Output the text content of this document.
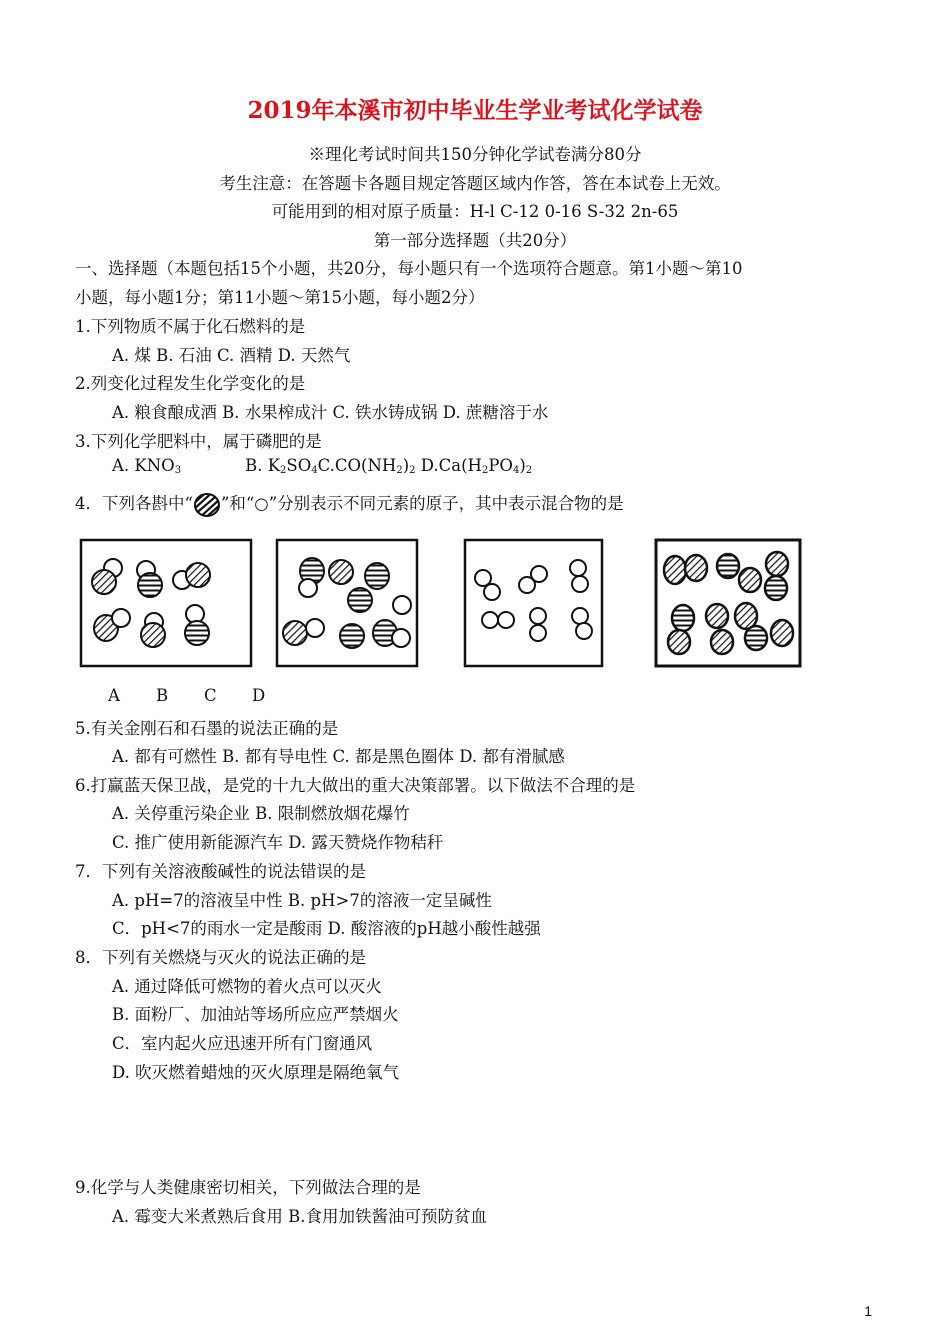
2019年本溪市初中毕业生学业考试化学试卷
※理化考试时间共150分钟化学试卷满分80分
考生注意：在答题卡各题目规定答题区域内作答，答在本试卷上无效。
可能用到的相对原子质量：H-l C-12 0-16 S-32 2n-65
第一部分选择题（共20分）
一、选择题（本题包括15个小题，共20分，每小题只有一个选项符合题意。第1小题～第10
小题，每小题1分；第11小题～第15小题，每小题2分）
1.下列物质不属于化石燃料的是
A. 煤 B. 石油 C. 酒精 D. 天然气
2.列变化过程发生化学变化的是
A. 粮食酿成酒 B. 水果榨成汁 C. 铁水铸成锅 D. 蔗糖溶于水
3.下列化学肥料中，属于磷肥的是
A. $KNO_3$	B. $K_2SO_4C.CO(NH_2)_2$ $D.Ca(H_2PO_4)_2$
4．下列各斟中“ ”和“○”分别表示不同元素的原子，其中表示混合物的是
A B C D
5.有关金刚石和石墨的说法正确的是
A. 都有可燃性 B. 都有导电性 C. 都是黑色圈体 D. 都有滑腻感
6.打赢蓝天保卫战，是党的十九大做出的重大决策部署。以下做法不合理的是
A. 关停重污染企业 B. 限制燃放烟花爆竹
C. 推广使用新能源汽车 D. 露天赞烧作物秸秆
7．下列有关溶液酸碱性的说法错误的是
A. pH=7的溶液呈中性 B. pH>7的溶液一定呈碱性
C．pH<7的雨水一定是酸雨 D. 酸溶液的pH越小酸性越强
8．下列有关燃烧与灭火的说法正确的是
A. 通过降低可燃物的着火点可以灭火
B. 面粉厂、加油站等场所应应严禁烟火
C．室内起火应迅速开所有门窗通风
D. 吹灭燃着蜡烛的灭火原理是隔绝氧气
9.化学与人类健康密切相关，下列做法合理的是
A. 霉变大米煮熟后食用 B.食用加铁酱油可预防贫血
1
